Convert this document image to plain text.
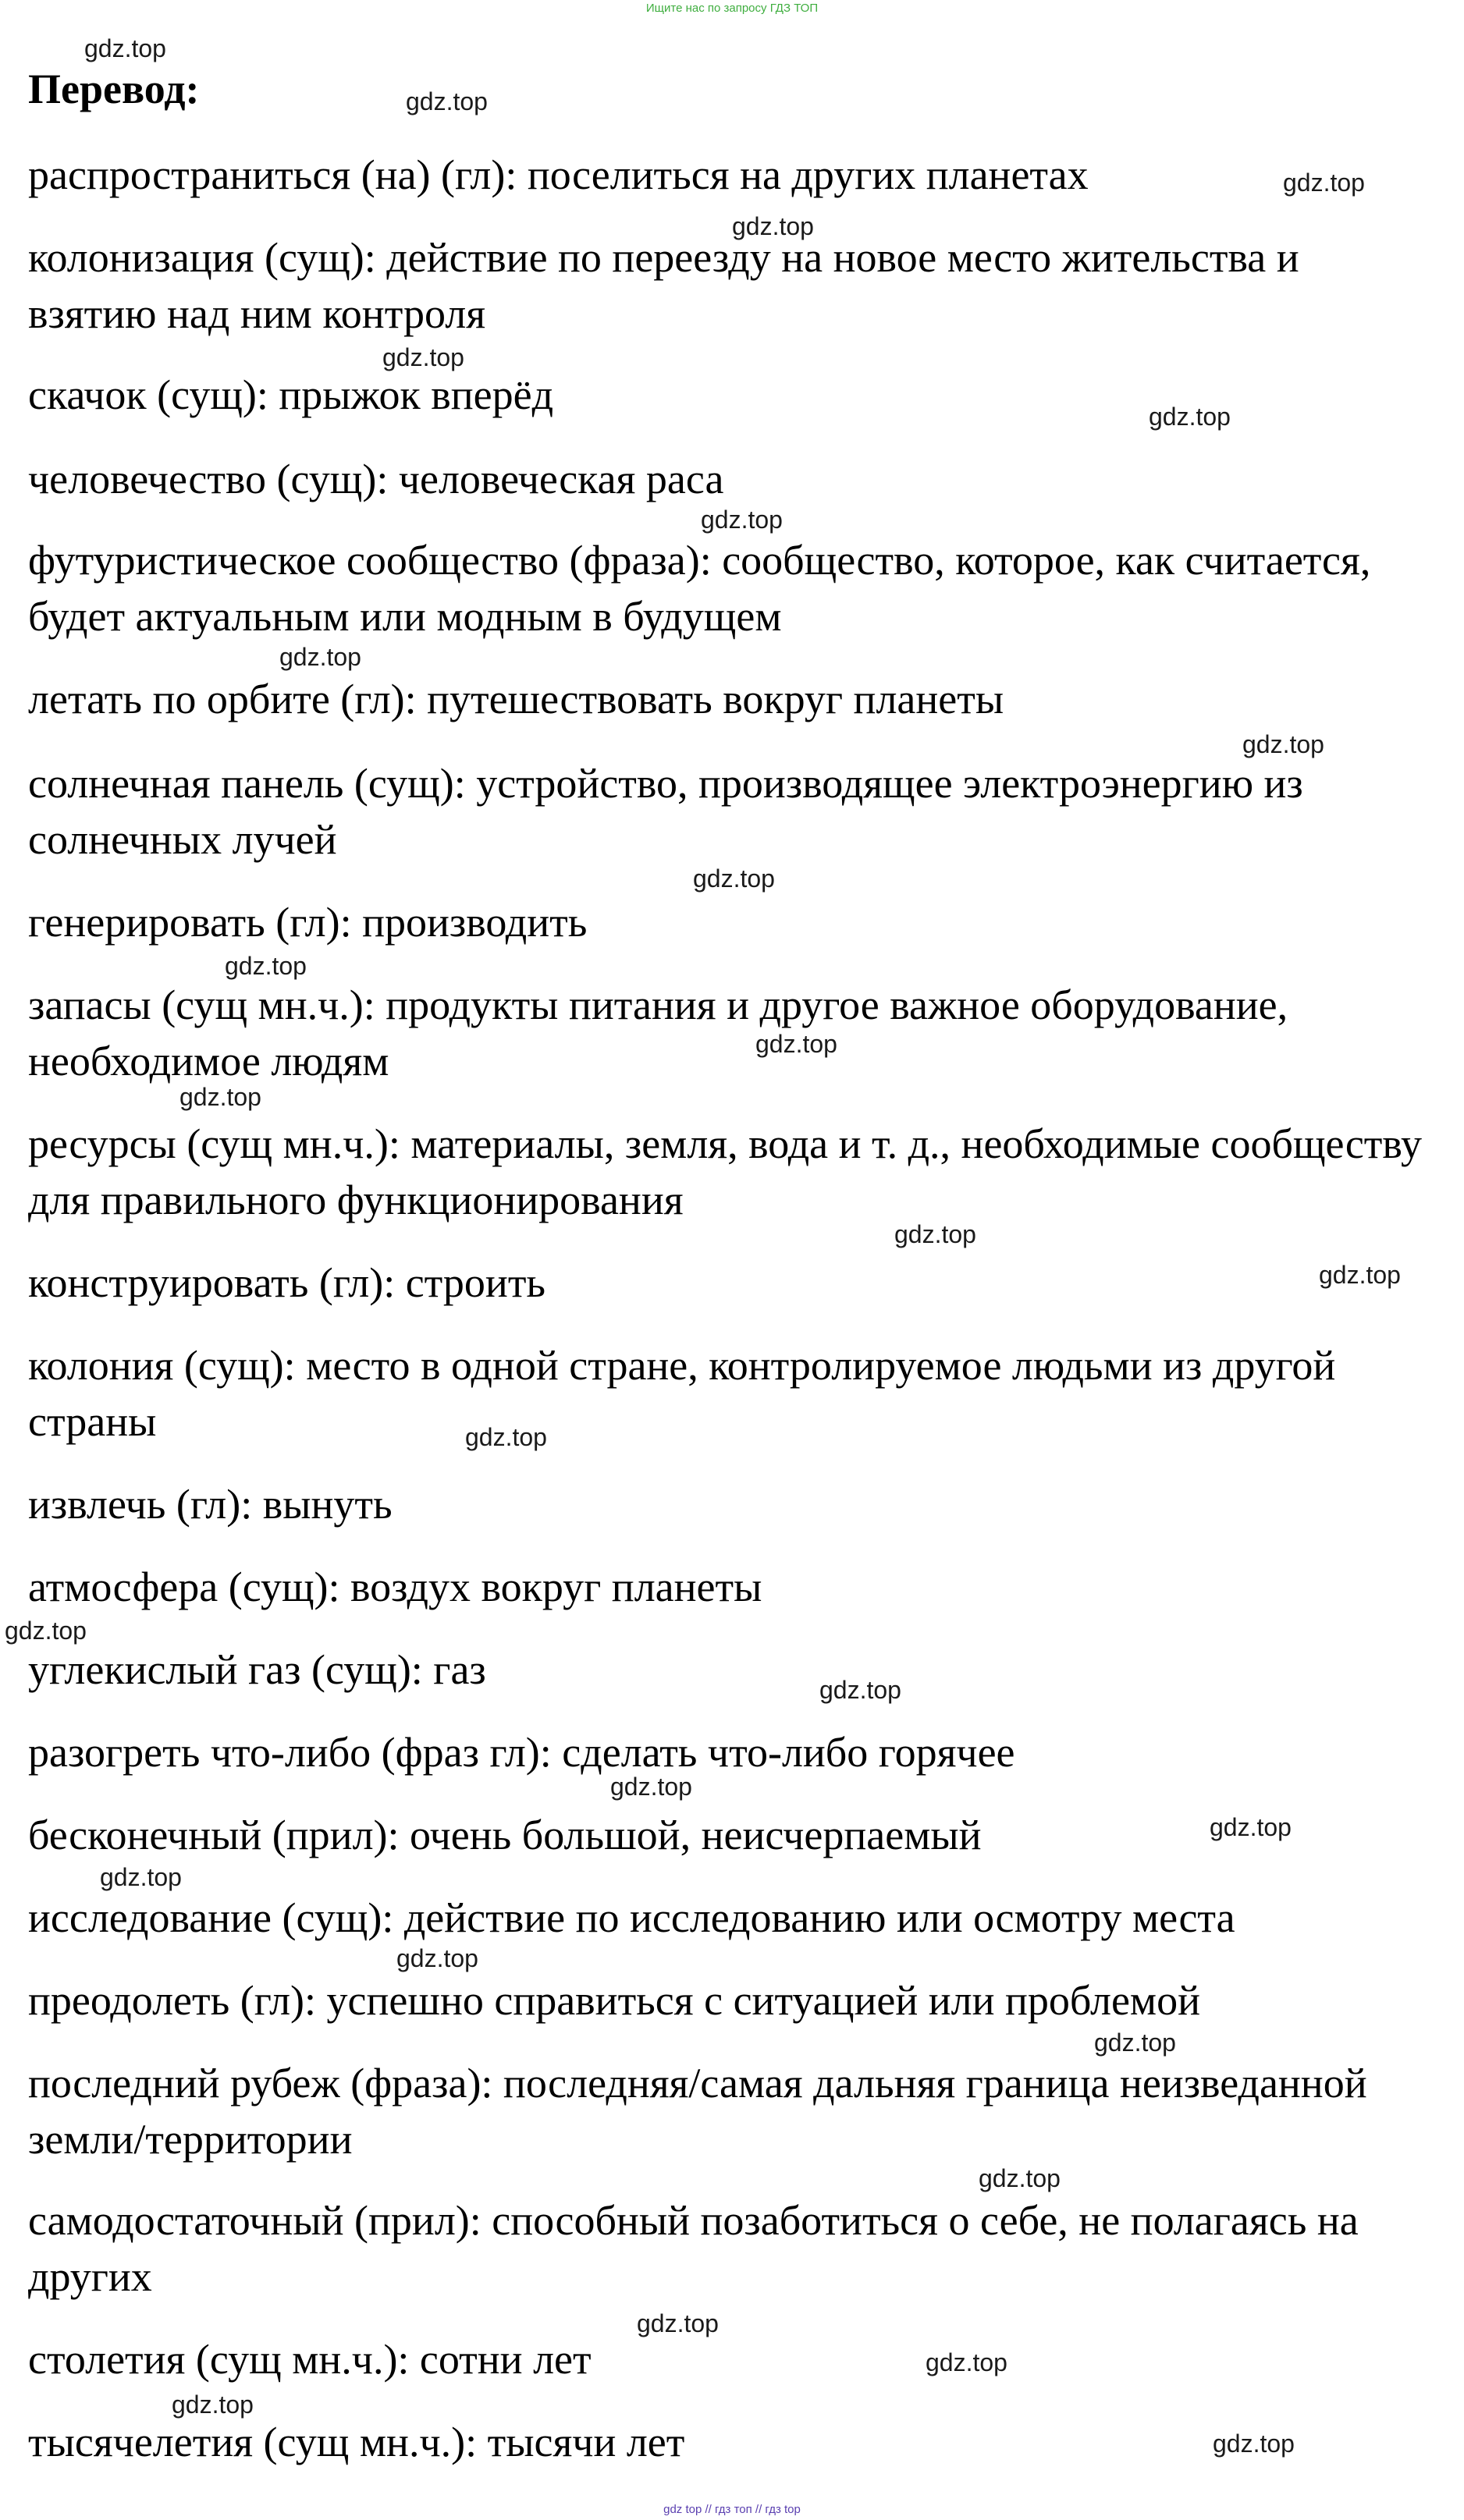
Ищите нас по запросу ГДЗ ТОП
Перевод:

распространиться (на) (гл): поселиться на других планетах

колонизация (сущ): действие по переезду на новое место жительства и взятию над ним контроля

скачок (сущ): прыжок вперёд

человечество (сущ): человеческая раса

футуристическое сообщество (фраза): сообщество, которое, как считается, будет актуальным или модным в будущем

летать по орбите (гл): путешествовать вокруг планеты

солнечная панель (сущ): устройство, производящее электроэнергию из солнечных лучей

генерировать (гл): производить

запасы (сущ мн.ч.): продукты питания и другое важное оборудование, необходимое людям

ресурсы (сущ мн.ч.): материалы, земля, вода и т. д., необходимые сообществу для правильного функционирования

конструировать (гл): строить

колония (сущ): место в одной стране, контролируемое людьми из другой страны

извлечь (гл): вынуть

атмосфера (сущ): воздух вокруг планеты

углекислый газ (сущ): газ

разогреть что-либо (фраз гл): сделать что-либо горячее

бесконечный (прил): очень большой, неисчерпаемый

исследование (сущ): действие по исследованию или осмотру места

преодолеть (гл): успешно справиться с ситуацией или проблемой

последний рубеж (фраза): последняя/самая дальняя граница неизведанной земли/территории

самодостаточный (прил): способный позаботиться о себе, не полагаясь на других

столетия (сущ мн.ч.): сотни лет

тысячелетия (сущ мн.ч.): тысячи лет

gdz.top
gdz.top
gdz.top
gdz.top
gdz.top
gdz.top
gdz.top
gdz.top
gdz.top
gdz.top
gdz.top
gdz.top
gdz.top
gdz.top
gdz.top
gdz.top
gdz.top
gdz.top
gdz.top
gdz.top
gdz.top
gdz.top
gdz.top
gdz.top
gdz.top
gdz.top
gdz.top
gdz.top
gdz top // гдз топ // гдз top
